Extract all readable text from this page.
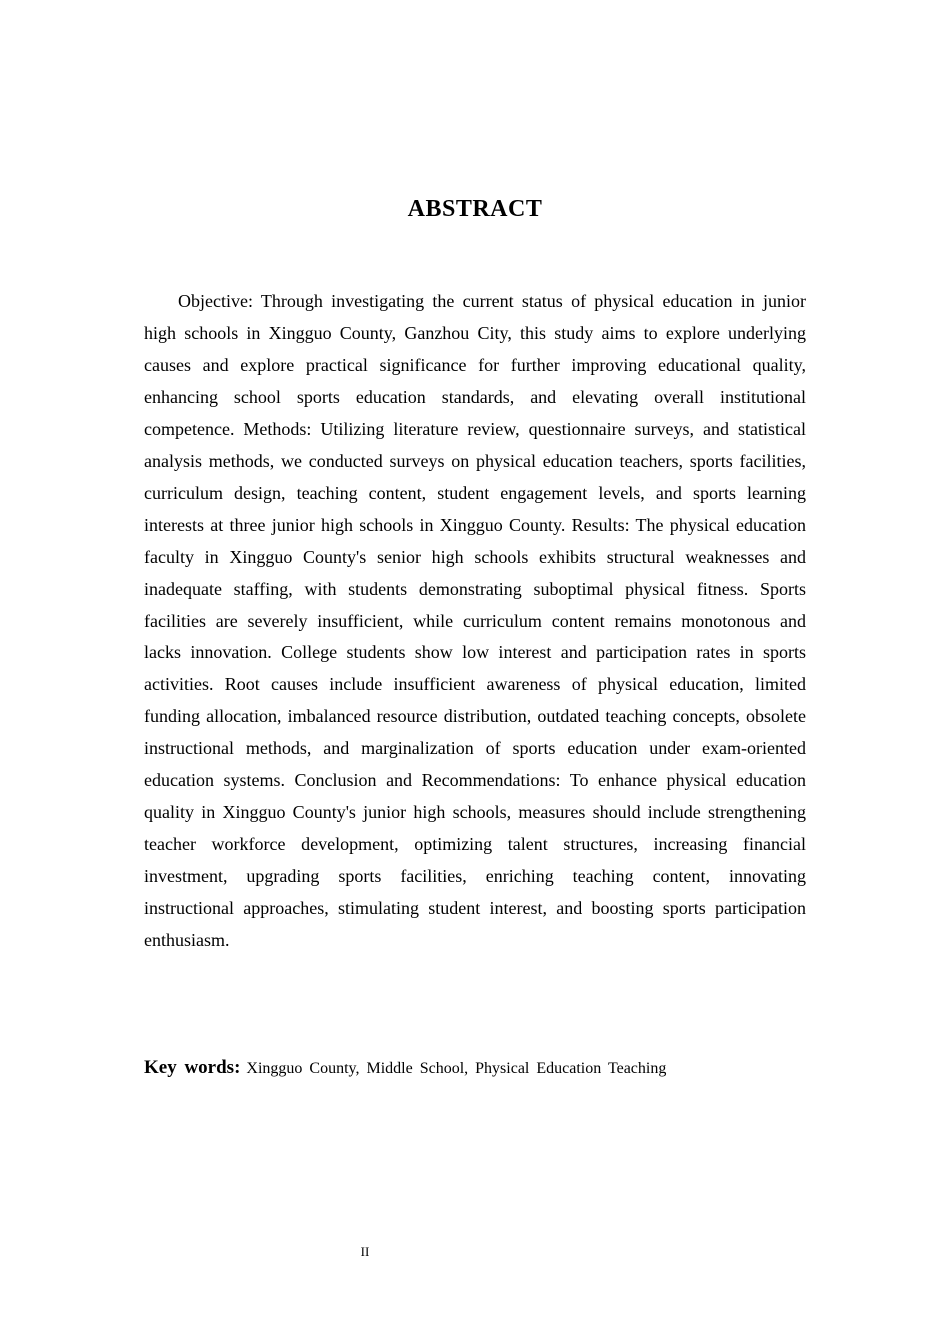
ABSTRACT

Objective: Through investigating the current status of physical education in junior high schools in Xingguo County, Ganzhou City, this study aims to explore underlying causes and explore practical significance for further improving educational quality, enhancing school sports education standards, and elevating overall institutional competence. Methods: Utilizing literature review, questionnaire surveys, and statistical analysis methods, we conducted surveys on physical education teachers, sports facilities, curriculum design, teaching content, student engagement levels, and sports learning interests at three junior high schools in Xingguo County. Results: The physical education faculty in Xingguo County's senior high schools exhibits structural weaknesses and inadequate staffing, with students demonstrating suboptimal physical fitness. Sports facilities are severely insufficient, while curriculum content remains monotonous and lacks innovation. College students show low interest and participation rates in sports activities. Root causes include insufficient awareness of physical education, limited funding allocation, imbalanced resource distribution, outdated teaching concepts, obsolete instructional methods, and marginalization of sports education under exam-oriented education systems. Conclusion and Recommendations: To enhance physical education quality in Xingguo County's junior high schools, measures should include strengthening teacher workforce development, optimizing talent structures, increasing financial investment, upgrading sports facilities, enriching teaching content, innovating instructional approaches, stimulating student interest, and boosting sports participation enthusiasm.

Key words: Xingguo County, Middle School, Physical Education Teaching

II
